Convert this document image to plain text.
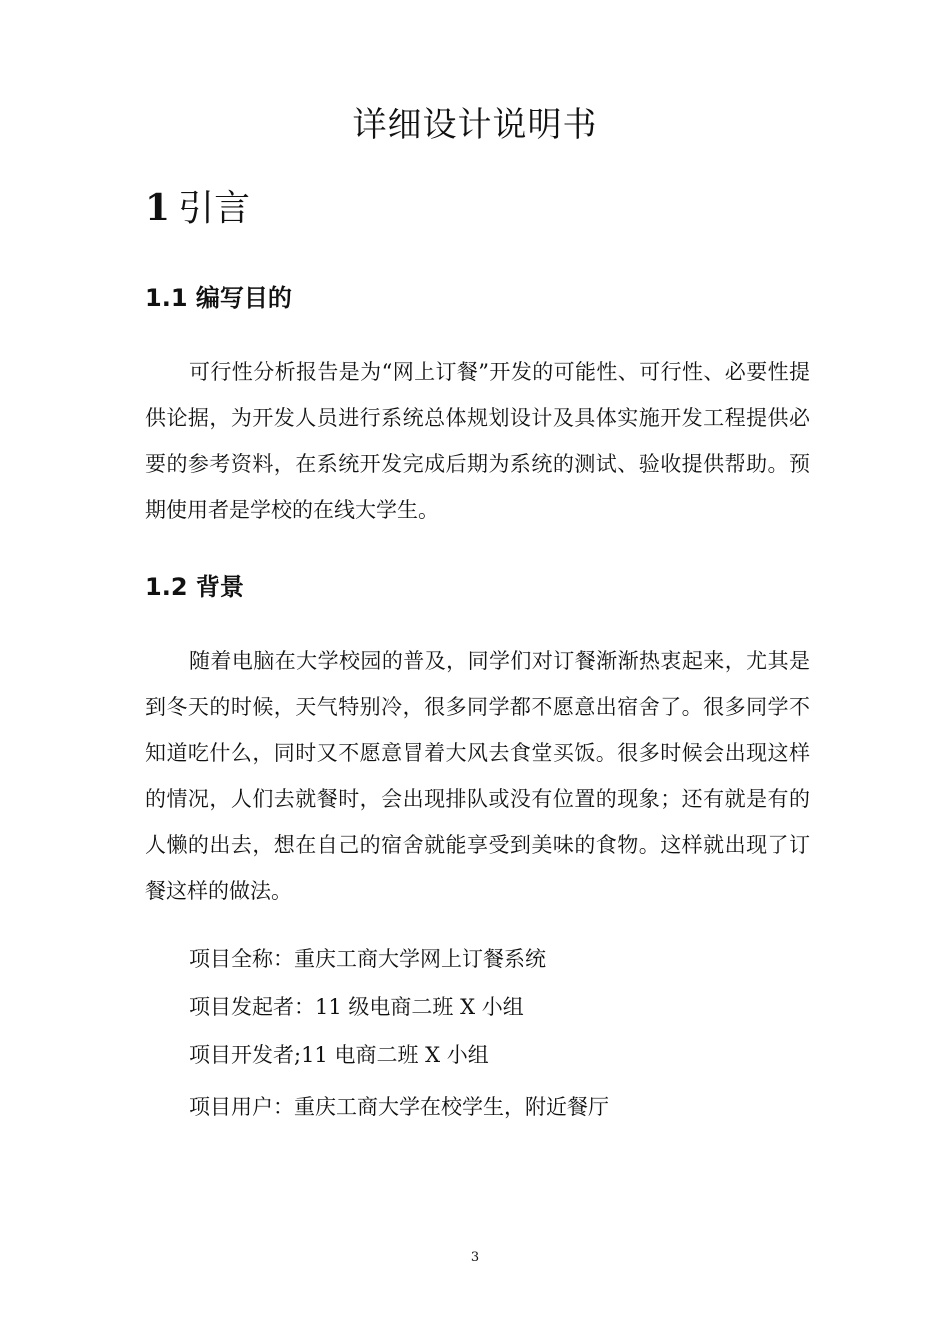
详细设计说明书
1 引言
1.1 编写目的

可行性分析报告是为“网上订餐”开发的可能性、可行性、必要性提供论据，为开发人员进行系统总体规划设计及具体实施开发工程提供必要的参考资料，在系统开发完成后期为系统的测试、验收提供帮助。预期使用者是学校的在线大学生。

1.2 背景

随着电脑在大学校园的普及，同学们对订餐渐渐热衷起来，尤其是到冬天的时候，天气特别冷，很多同学都不愿意出宿舍了。很多同学不知道吃什么，同时又不愿意冒着大风去食堂买饭。很多时候会出现这样的情况，人们去就餐时，会出现排队或没有位置的现象；还有就是有的人懒的出去，想在自己的宿舍就能享受到美味的食物。这样就出现了订餐这样的做法。

项目全称：重庆工商大学网上订餐系统

项目发起者：11 级电商二班 X 小组

项目开发者;11 电商二班 X 小组

项目用户：重庆工商大学在校学生，附近餐厅

3
